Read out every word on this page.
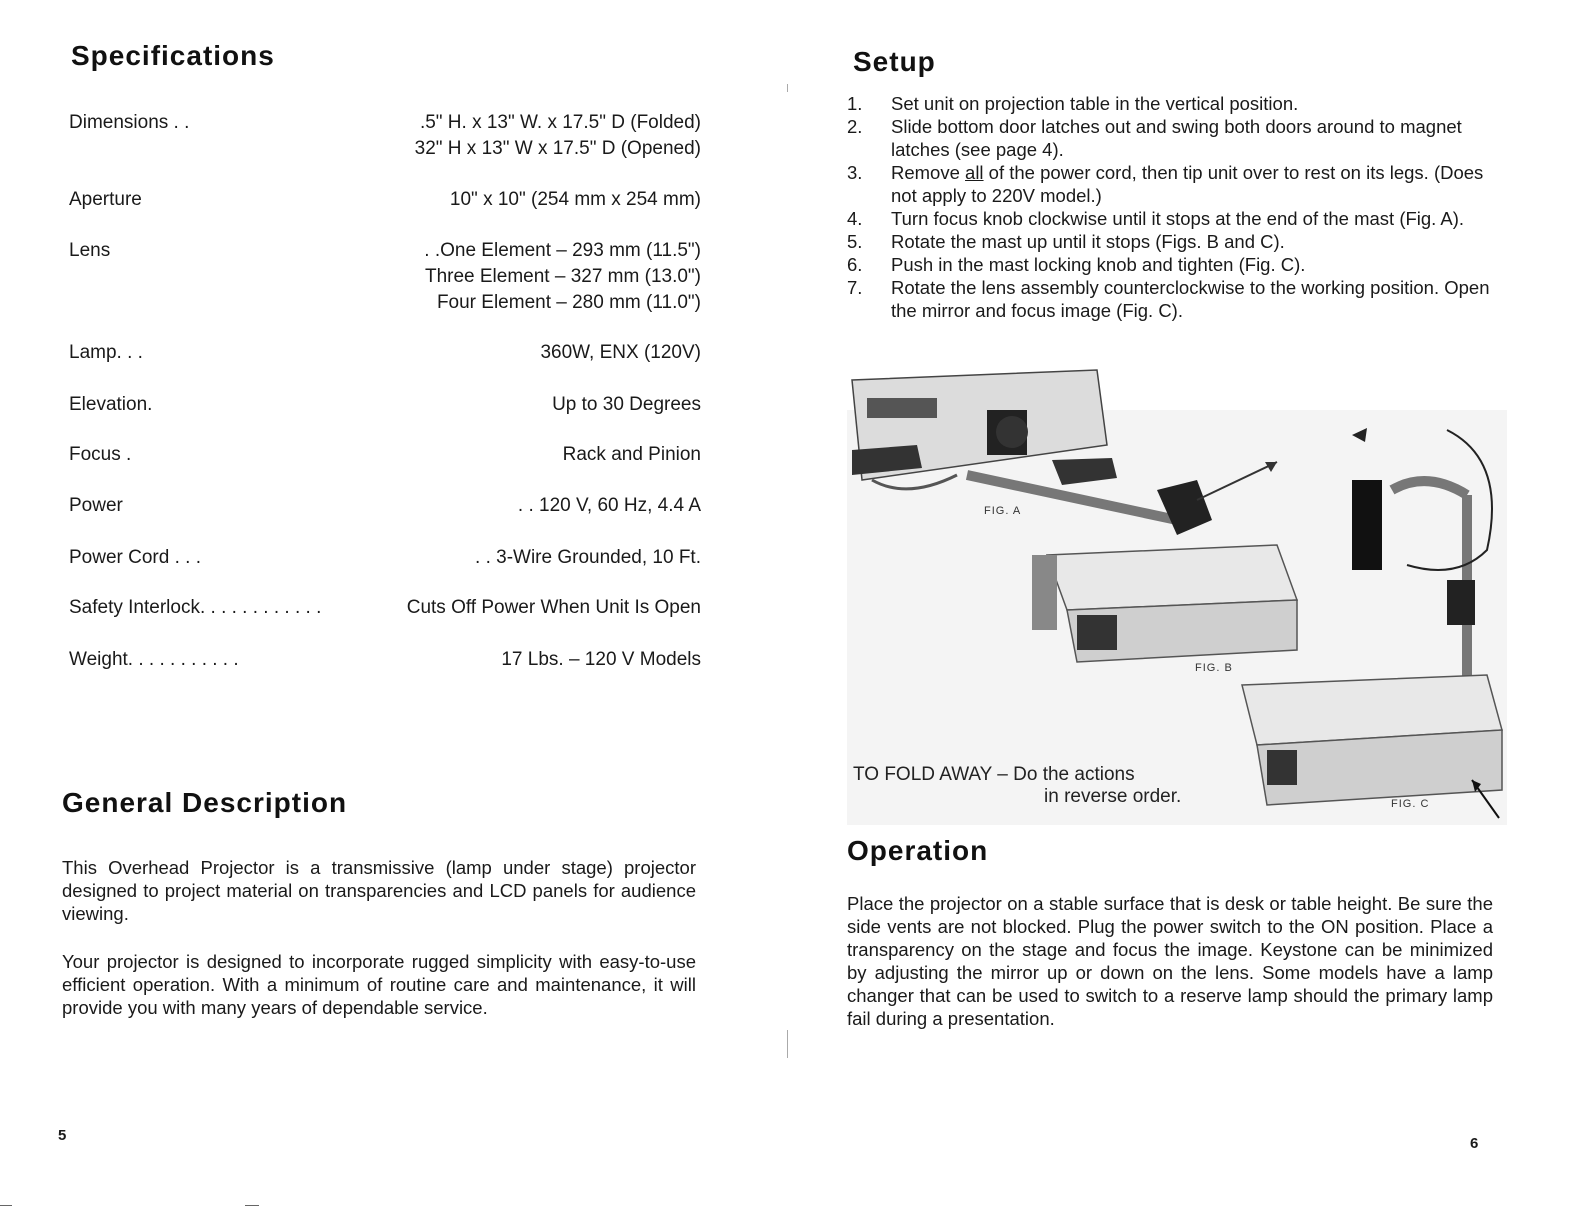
Specifications
Dimensions . .	.5" H. x 13" W. x 17.5" D (Folded)
32" H x 13" W x 17.5" D (Opened)
Aperture	10" x 10" (254 mm x 254 mm)
Lens	. .One Element – 293 mm (11.5")
Three Element – 327 mm (13.0")
Four Element – 280 mm (11.0")
Lamp. . .	360W, ENX (120V)
Elevation.	Up to 30 Degrees
Focus .	Rack and Pinion
Power	. . 120 V, 60 Hz, 4.4 A
Power Cord . . .	. . 3-Wire Grounded, 10 Ft.
Safety Interlock. . . . . . . . . . . .	Cuts Off Power When Unit Is Open
Weight. . . . . . . . . . .	17 Lbs. – 120 V Models
General Description

This Overhead Projector is a transmissive (lamp under stage) projector designed to project material on transparencies and LCD panels for audience viewing.

Your projector is designed to incorporate rugged simplicity with easy-to-use efficient operation. With a minimum of routine care and maintenance, it will provide you with many years of dependable service.

5
Setup
1. Set unit on projection table in the vertical position.
2. Slide bottom door latches out and swing both doors around to magnet latches (see page 4).
3. Remove all of the power cord, then tip unit over to rest on its legs. (Does not apply to 220V model.)
4. Turn focus knob clockwise until it stops at the end of the mast (Fig. A).
5. Rotate the mast up until it stops (Figs. B and C).
6. Push in the mast locking knob and tighten (Fig. C).
7. Rotate the lens assembly counterclockwise to the working position. Open the mirror and focus image (Fig. C).
FIG. A
FIG. B
FIG. C
TO FOLD AWAY – Do the actions
in reverse order.
Operation

Place the projector on a stable surface that is desk or table height. Be sure the side vents are not blocked. Plug the power switch to the ON position. Place a transparency on the stage and focus the image. Keystone can be minimized by adjusting the mirror up or down on the lens. Some models have a lamp changer that can be used to switch to a reserve lamp should the primary lamp fail during a presentation.

6
